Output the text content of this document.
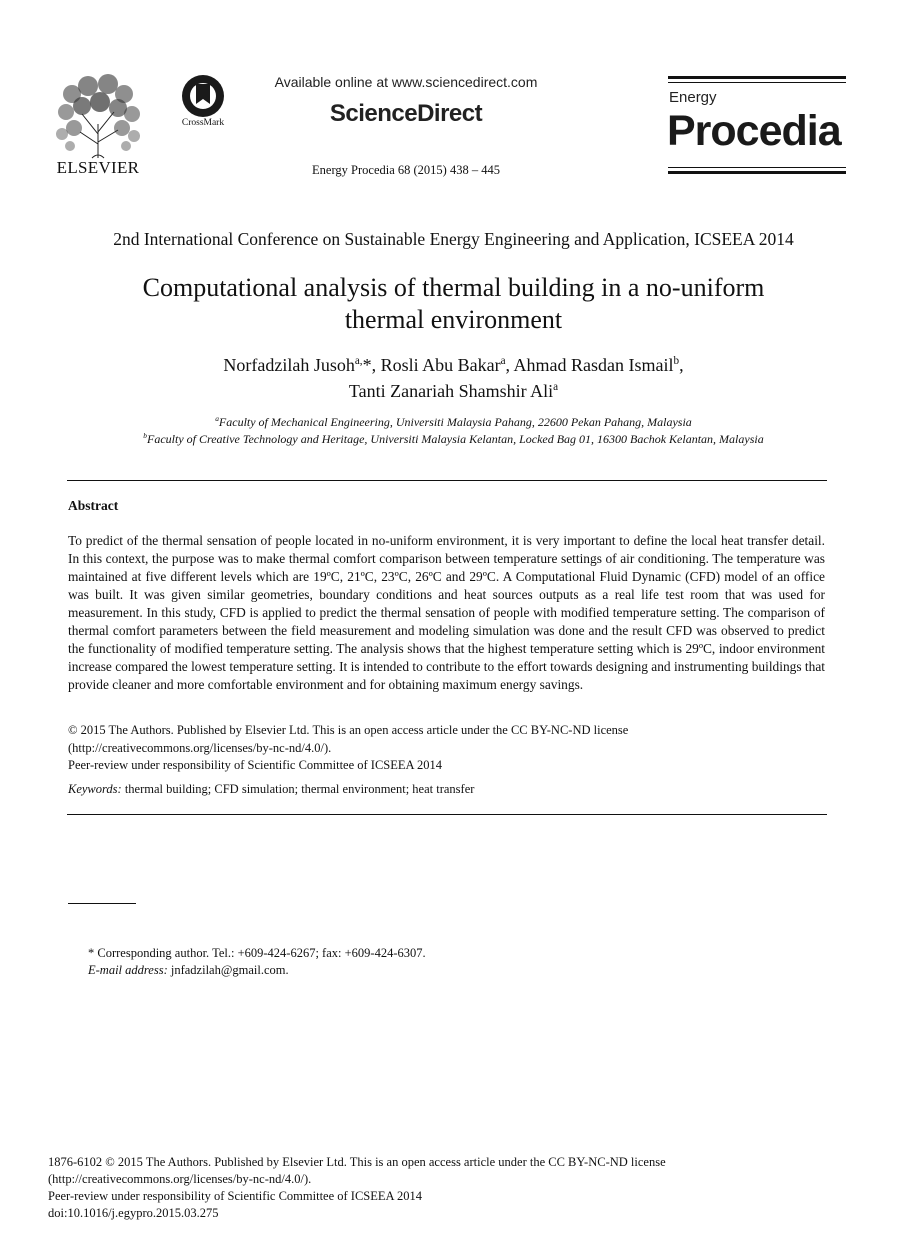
ELSEVIER
CrossMark
Available online at www.sciencedirect.com
ScienceDirect
Energy Procedia 68 (2015) 438 – 445
Energy
Procedia
2nd International Conference on Sustainable Energy Engineering and Application, ICSEEA 2014
Computational analysis of thermal building in a no-uniform
thermal environment
Norfadzilah Jusoh$^{a,}$*, Rosli Abu Bakar$^a$, Ahmad Rasdan Ismail$^b$,
Tanti Zanariah Shamshir Ali$^a$
$^a$Faculty of Mechanical Engineering, Universiti Malaysia Pahang, 22600 Pekan Pahang, Malaysia
$^b$Faculty of Creative Technology and Heritage, Universiti Malaysia Kelantan, Locked Bag 01, 16300 Bachok Kelantan, Malaysia
Abstract
To predict of the thermal sensation of people located in no-uniform environment, it is very important to define the local heat transfer detail. In this context, the purpose was to make thermal comfort comparison between temperature settings of air conditioning. The temperature was maintained at five different levels which are 19ºC, 21ºC, 23ºC, 26ºC and 29ºC. A Computational Fluid Dynamic (CFD) model of an office was built. It was given similar geometries, boundary conditions and heat sources outputs as a real life test room that was used for measurement. In this study, CFD is applied to predict the thermal sensation of people with modified temperature setting. The comparison of thermal comfort parameters between the field measurement and modeling simulation was done and the result CFD was observed to predict the functionality of modified temperature setting. The analysis shows that the highest temperature setting which is 29ºC, indoor environment increase compared the lowest temperature setting. It is intended to contribute to the effort towards designing and instrumenting buildings that provide cleaner and more comfortable environment and for obtaining maximum energy savings.
© 2015 The Authors. Published by Elsevier Ltd. This is an open access article under the CC BY-NC-ND license
(http://creativecommons.org/licenses/by-nc-nd/4.0/).
Peer-review under responsibility of Scientific Committee of ICSEEA 2014
Keywords: thermal building; CFD simulation; thermal environment; heat transfer
* Corresponding author. Tel.: +609-424-6267; fax: +609-424-6307.
E-mail address: jnfadzilah@gmail.com.
1876-6102 © 2015 The Authors. Published by Elsevier Ltd. This is an open access article under the CC BY-NC-ND license
(http://creativecommons.org/licenses/by-nc-nd/4.0/).
Peer-review under responsibility of Scientific Committee of ICSEEA 2014
doi:10.1016/j.egypro.2015.03.275
